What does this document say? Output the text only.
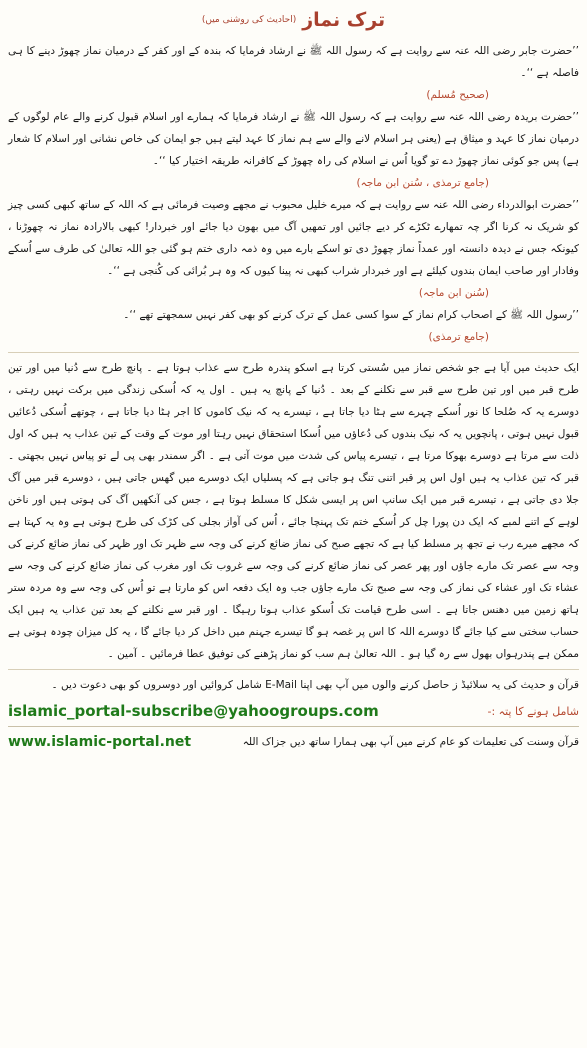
ترک نماز
(احادیث کی روشنی میں)

’’حضرت جابر رضی اللہ عنہ سے روایت ہے کہ رسول اللہ ﷺ نے ارشاد فرمایا کہ بندہ کے اور کفر کے درمیان نماز چھوڑ دینے کا ہی فاصلہ ہے ‘‘۔

(صحیح مُسلم)

’’حضرت بریدہ رضی اللہ عنہ سے روایت ہے کہ رسول اللہ ﷺ نے ارشاد فرمایا کہ ہمارے اور اسلام قبول کرنے والے عام لوگوں کے درمیان نماز کا عہد و میثاق ہے (یعنی ہر اسلام لانے والے سے ہم نماز کا عہد لیتے ہیں جو ایمان کی خاص نشانی اور اسلام کا شعار ہے) پس جو کوئی نماز چھوڑ دے تو گویا اُس نے اسلام کی راہ چھوڑ کے کافرانہ طریقہ اختیار کیا ‘‘۔

(جامع ترمذی ، سُنن ابن ماجہ)

’’حضرت ابوالدرداء رضی اللہ عنہ سے روایت ہے کہ میرے خلیل محبوب نے مجھے وصیت فرمائی ہے کہ اللہ کے ساتھ کبھی کسی چیز کو شریک نہ کرنا اگر چہ تمھارے ٹکڑے کر دیے جائیں اور تمھیں آگ میں بھون دیا جائے اور خبردار! کبھی بالارادہ نماز نہ چھوڑنا ، کیونکہ جس نے دیدہ دانستہ اور عمداً نماز چھوڑ دی تو اسکے بارے میں وہ ذمہ داری ختم ہو گئی جو اللہ تعالیٰ کی طرف سے اُسکے وفادار اور صاحب ایمان بندوں کیلئے ہے اور خبردار شراب کبھی نہ پینا کیوں کہ وہ ہر بُرائی کی کُنجی ہے ‘‘۔

(سُنن ابن ماجہ)

’’رسول اللہ ﷺ کے اصحاب کرام نماز کے سوا کسی عمل کے ترک کرنے کو بھی کفر نہیں سمجھتے تھے ‘‘۔

(جامع ترمذی)

ایک حدیث میں آیا ہے جو شخص نماز میں سُستی کرتا ہے اسکو پندرہ طرح سے عذاب ہوتا ہے ۔ پانچ طرح سے دُنیا میں اور تین طرح قبر میں اور تین طرح سے قبر سے نکلنے کے بعد ۔ دُنیا کے پانچ یہ ہیں ۔ اول یہ کہ اُسکی زندگی میں برکت نہیں رہتی ، دوسرے یہ کہ صُلحا کا نور اُسکے چہرے سے ہٹا دیا جاتا ہے ، تیسرے یہ کہ نیک کاموں کا اجر ہٹا دیا جاتا ہے ، چوتھے اُسکی دُعائیں قبول نہیں ہوتی ، پانچویں یہ کہ نیک بندوں کی دُعاؤں میں اُسکا استحقاق نہیں رہتا اور موت کے وقت کے تین عذاب یہ ہیں کہ اول ذلت سے مرتا ہے دوسرے بھوکا مرتا ہے ، تیسرے پیاس کی شدت میں موت آتی ہے ۔ اگر سمندر بھی پی لے تو پیاس نہیں بجھتی ۔ قبر کہ تین عذاب یہ ہیں اول اس پر قبر اتنی تنگ ہو جاتی ہے کہ پسلیاں ایک دوسرے میں گھس جاتی ہیں ، دوسرے قبر میں آگ جلا دی جاتی ہے ، تیسرے قبر میں ایک سانپ اس پر ایسی شکل کا مسلط ہوتا ہے ، جس کی آنکھیں آگ کی ہوتی ہیں اور ناخن لوہے کے اتنے لمبے کہ ایک دن پورا چل کر اُسکے ختم تک پہنچا جائے ، اُس کی آواز بجلی کی کڑک کی طرح ہوتی ہے وہ یہ کہتا ہے کہ مجھے میرے رب نے تجھ پر مسلط کیا ہے کہ تجھے صبح کی نماز ضائع کرنے کی وجہ سے ظہر تک اور ظہر کی نماز ضائع کرنے کی وجہ سے عصر تک مارے جاؤں اور پھر عصر کی نماز ضائع کرنے کی وجہ سے غروب تک اور مغرب کی نماز ضائع کرنے کی وجہ سے عشاء تک اور عشاء کی نماز کی وجہ سے صبح تک مارے جاؤں جب وہ ایک دفعہ اس کو مارتا ہے تو اُس کی وجہ سے وہ مردہ ستر ہاتھ زمین میں دھنس جاتا ہے ۔ اسی طرح قیامت تک اُسکو عذاب ہوتا رہیگا ۔ اور قبر سے نکلنے کے بعد تین عذاب یہ ہیں ایک حساب سختی سے کیا جائے گا دوسرے اللہ کا اس پر غصہ ہو گا تیسرے جہنم میں داخل کر دیا جائے گا ، یہ کل میزان چودہ ہوتی ہے ممکن ہے پندرہواں بھول سے رہ گیا ہو ۔ اللہ تعالیٰ ہم سب کو نماز پڑھنے کی توفیق عطا فرمائیں ۔ آمین ۔

قرآن و حدیث کی یہ سلائیڈ ز حاصل کرنے والوں میں آپ بھی اپنا E-Mail شامل کروائیں اور دوسروں کو بھی دعوت دیں ۔

islamic_portal-subscribe@yahoogroups.com	شامل ہونے کا پتہ :-
www.islamic-portal.net	قرآن وسنت کی تعلیمات کو عام کرنے میں آپ بھی ہمارا ساتھ دیں جزاک اللہ
